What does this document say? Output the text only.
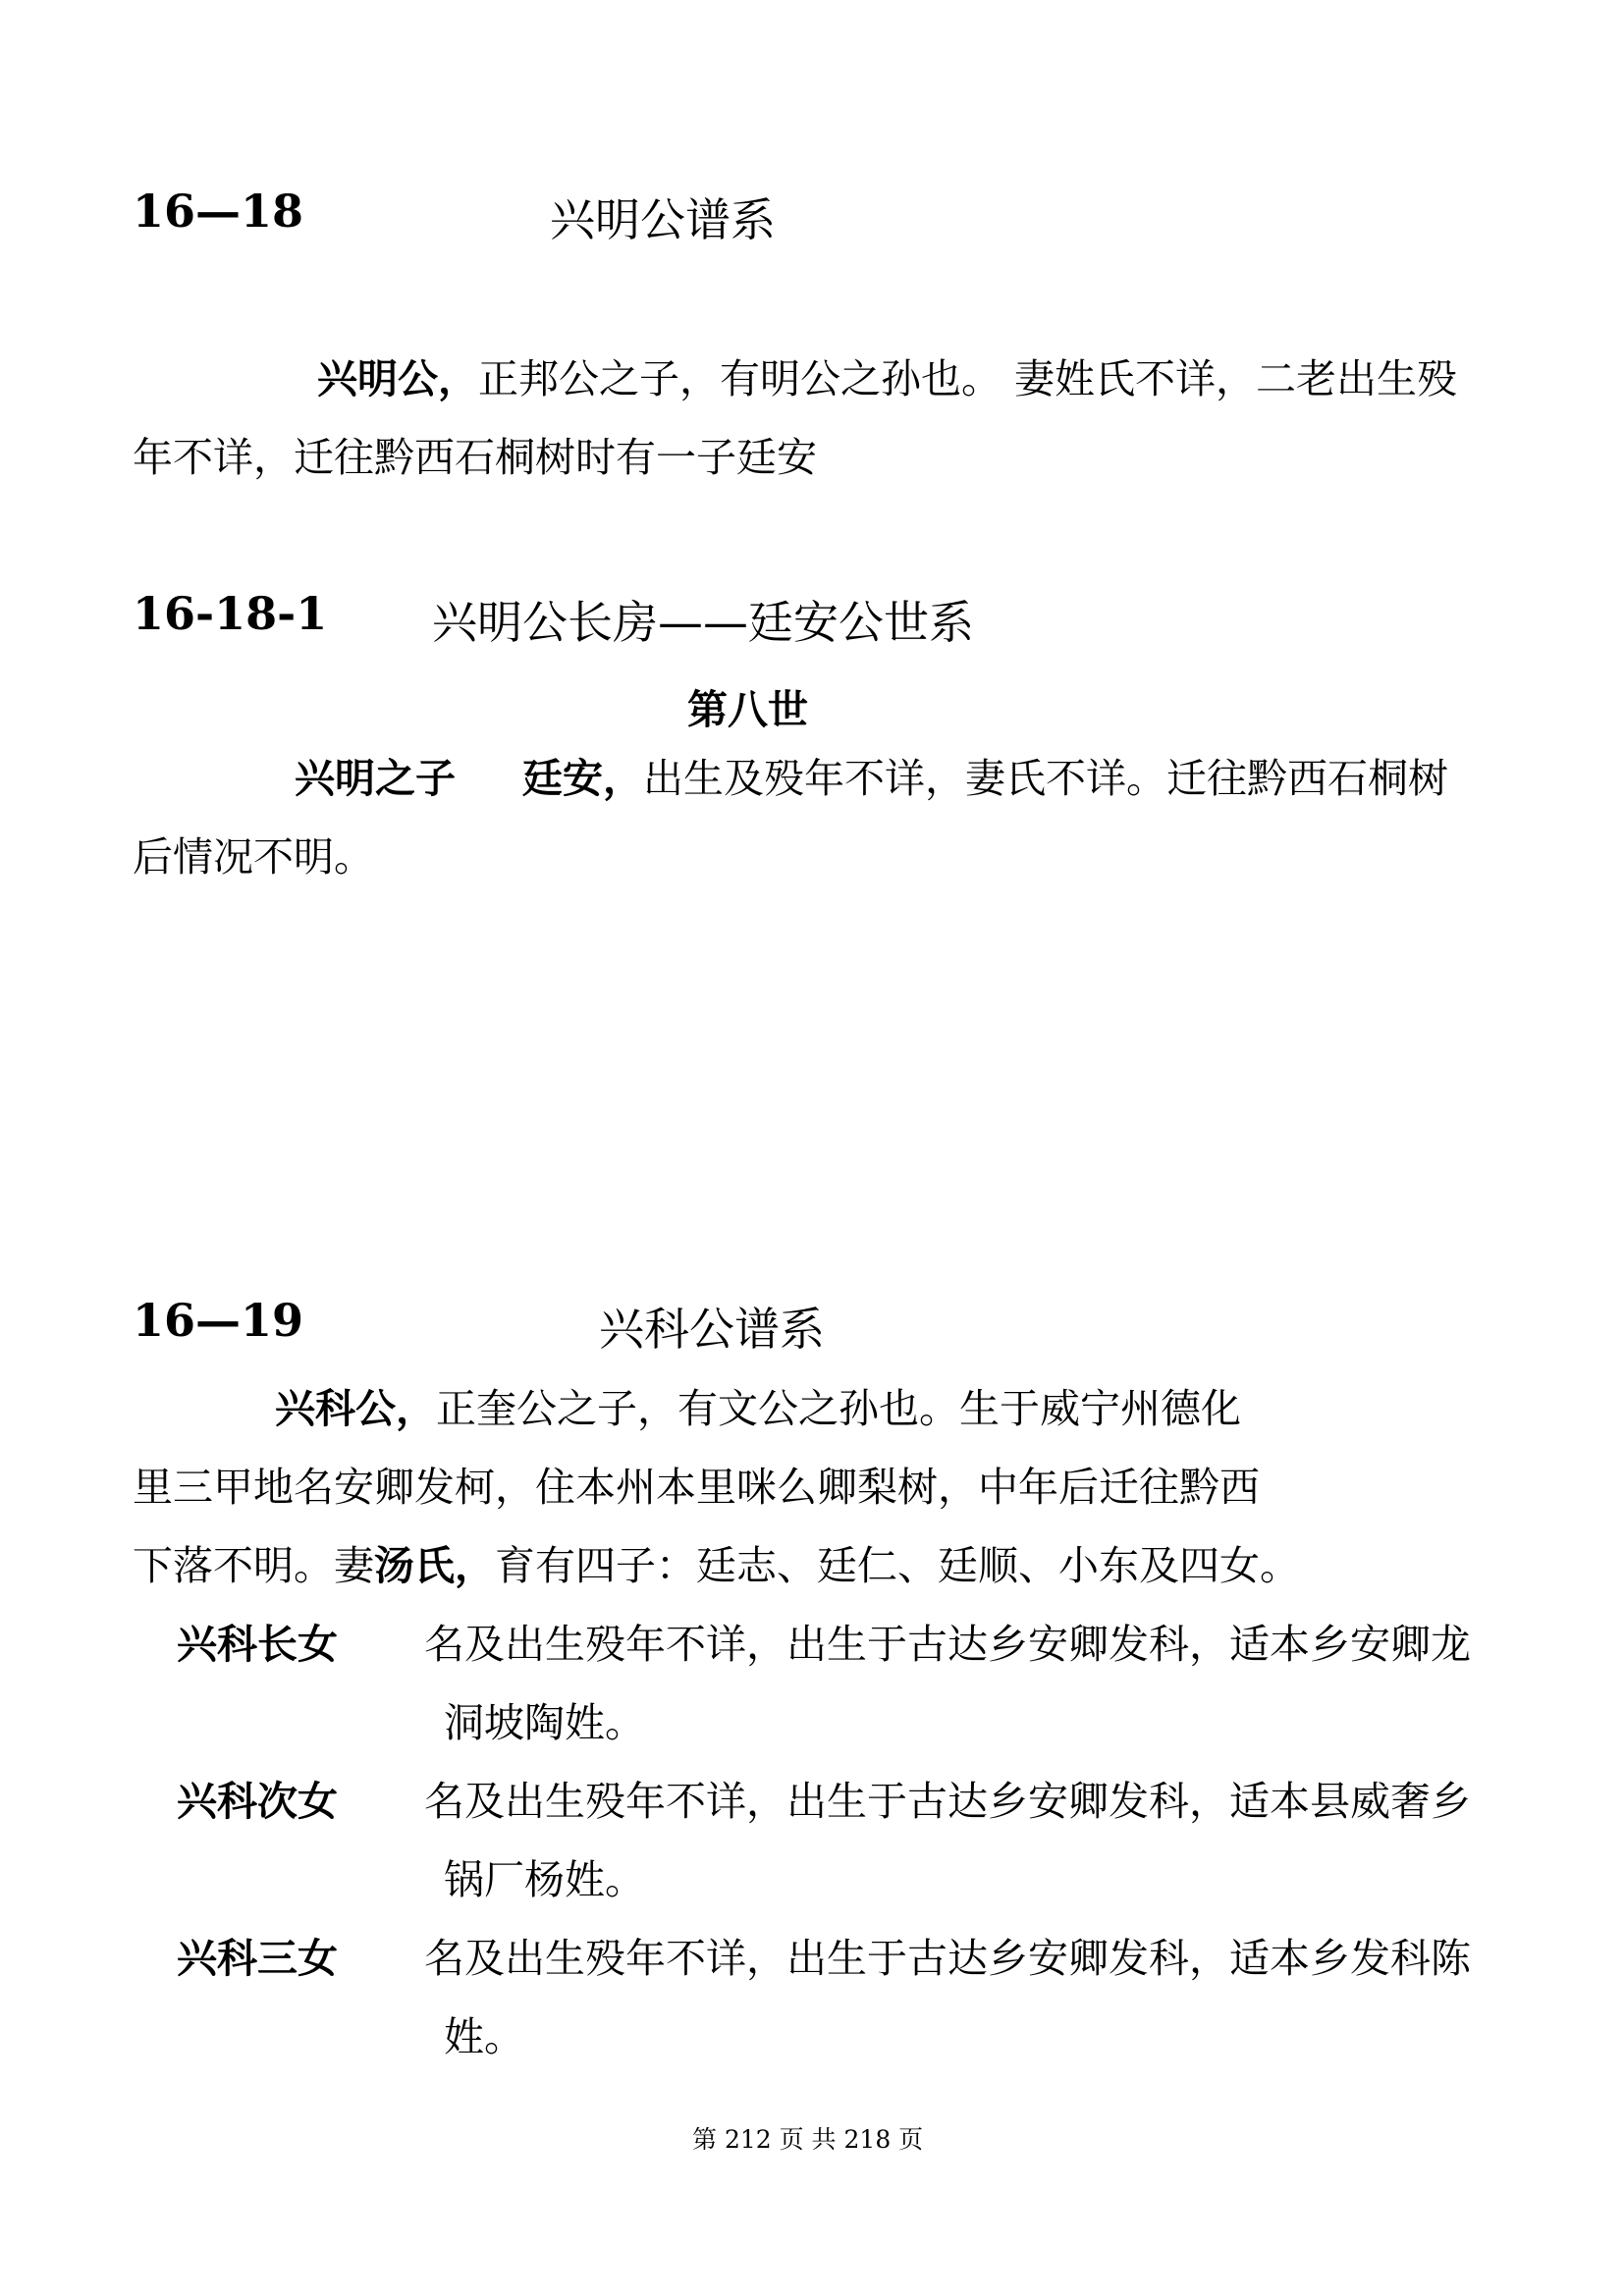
16—18	兴明公谱系
兴明公，正邦公之子，有明公之孙也。 妻姓氏不详，二老出生殁
年不详，迁往黔西石桐树时有一子廷安
16-18-1 兴明公长房——廷安公世系
第八世
兴明之子 廷安，出生及殁年不详，妻氏不详。迁往黔西石桐树
后情况不明。
16—19	兴科公谱系
兴科公，正奎公之子，有文公之孙也。生于威宁州德化
里三甲地名安卿发柯，住本州本里咪么卿梨树，中年后迁往黔西
下落不明。妻汤氏，育有四子：廷志、廷仁、廷顺、小东及四女。
兴科长女 名及出生殁年不详，出生于古达乡安卿发科，适本乡安卿龙
洞坡陶姓。
兴科次女 名及出生殁年不详，出生于古达乡安卿发科，适本县威奢乡
锅厂杨姓。
兴科三女 名及出生殁年不详，出生于古达乡安卿发科，适本乡发科陈
姓。
第 212 页 共 218 页
